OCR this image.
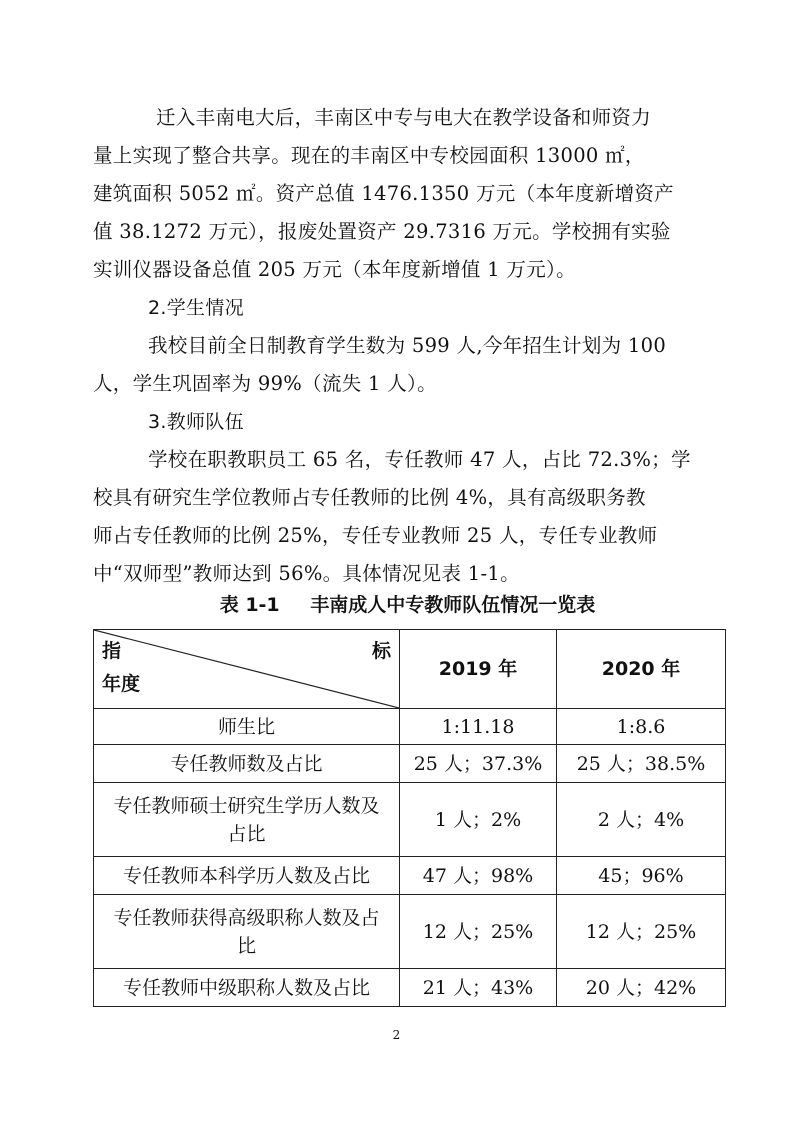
迁入丰南电大后，丰南区中专与电大在教学设备和师资力
量上实现了整合共享。现在的丰南区中专校园面积 13000 ㎡，
建筑面积 5052 ㎡。资产总值 1476.1350 万元（本年度新增资产
值 38.1272 万元），报废处置资产 29.7316 万元。学校拥有实验
实训仪器设备总值 205 万元（本年度新增值 1 万元）。
2.学生情况
我校目前全日制教育学生数为 599 人,今年招生计划为 100
人，学生巩固率为 99%（流失 1 人）。
3.教师队伍
学校在职教职员工 65 名，专任教师 47 人，占比 72.3%；学
校具有研究生学位教师占专任教师的比例 4%，具有高级职务教
师占专任教师的比例 25%，专任专业教师 25 人，专任专业教师
中“双师型”教师达到 56%。具体情况见表 1-1。
表 1-1 丰南成人中专教师队伍情况一览表
指 标
年度	2019 年	2020 年
师生比	1:11.18	1:8.6
专任教师数及占比	25 人；37.3%	25 人；38.5%
专任教师硕士研究生学历人数及占比	1 人；2%	2 人；4%
专任教师本科学历人数及占比	47 人；98%	45；96%
专任教师获得高级职称人数及占比	12 人；25%	12 人；25%
专任教师中级职称人数及占比	21 人；43%	20 人；42%
2
